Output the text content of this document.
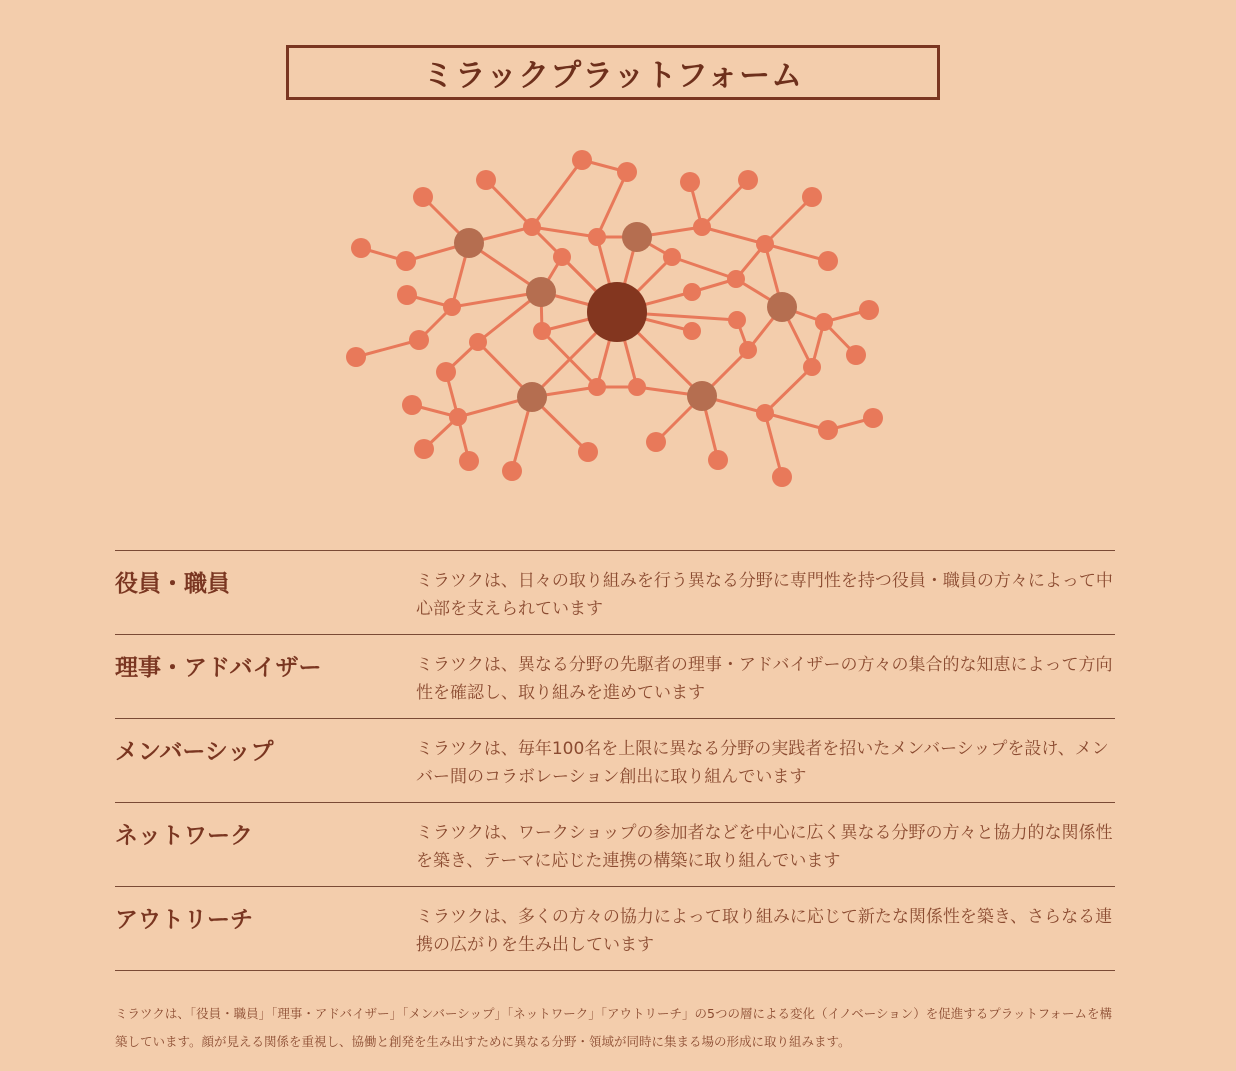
ミラックプラットフォーム
役員・職員	ミラツクは、日々の取り組みを行う異なる分野に専門性を持つ役員・職員の方々によって中心部を支えられています
理事・アドバイザー	ミラツクは、異なる分野の先駆者の理事・アドバイザーの方々の集合的な知恵によって方向性を確認し、取り組みを進めています
メンバーシップ	ミラツクは、毎年100名を上限に異なる分野の実践者を招いたメンバーシップを設け、メンバー間のコラボレーション創出に取り組んでいます
ネットワーク	ミラツクは、ワークショップの参加者などを中心に広く異なる分野の方々と協力的な関係性を築き、テーマに応じた連携の構築に取り組んでいます
アウトリーチ	ミラツクは、多くの方々の協力によって取り組みに応じて新たな関係性を築き、さらなる連携の広がりを生み出しています
ミラツクは、「役員・職員」「理事・アドバイザー」「メンバーシップ」「ネットワーク」「アウトリーチ」の5つの層による変化（イノベーション）を促進するプラットフォームを構築しています。顔が見える関係を重視し、協働と創発を生み出すために異なる分野・領域が同時に集まる場の形成に取り組みます。
